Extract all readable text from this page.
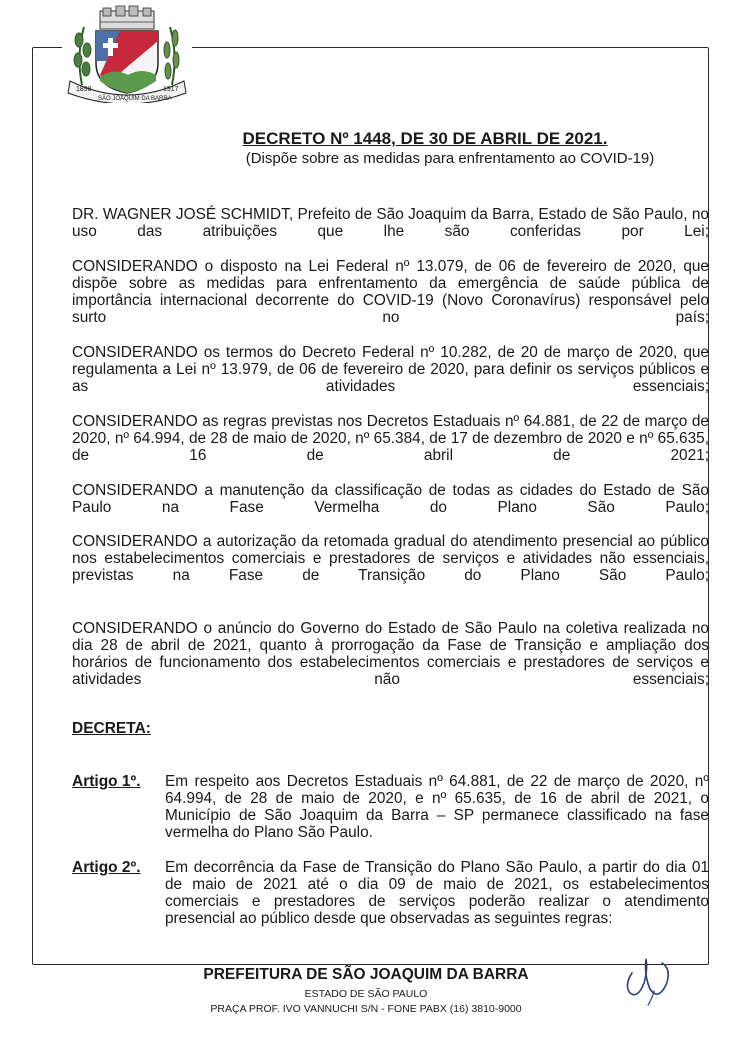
1898	1917
SÃO JOAQUIM DA BARRA
DECRETO Nº 1448, DE 30 DE ABRIL DE 2021.
(Dispõe sobre as medidas para enfrentamento ao COVID-19)

DR. WAGNER JOSÉ SCHMIDT, Prefeito de São Joaquim da Barra, Estado de São Paulo, no uso das atribuições que lhe são conferidas por Lei;

CONSIDERANDO o disposto na Lei Federal nº 13.079, de 06 de fevereiro de 2020, que dispõe sobre as medidas para enfrentamento da emergência de saúde pública de importância internacional decorrente do COVID-19 (Novo Coronavírus) responsável pelo surto no país;

CONSIDERANDO os termos do Decreto Federal nº 10.282, de 20 de março de 2020, que regulamenta a Lei nº 13.979, de 06 de fevereiro de 2020, para definir os serviços públicos e as atividades essenciais;

CONSIDERANDO as regras previstas nos Decretos Estaduais nº 64.881, de 22 de março de 2020, nº 64.994, de 28 de maio de 2020, nº 65.384, de 17 de dezembro de 2020 e nº 65.635, de 16 de abril de 2021;

CONSIDERANDO a manutenção da classificação de todas as cidades do Estado de São Paulo na Fase Vermelha do Plano São Paulo;

CONSIDERANDO a autorização da retomada gradual do atendimento presencial ao público nos estabelecimentos comerciais e prestadores de serviços e atividades não essenciais, previstas na Fase de Transição do Plano São Paulo;

CONSIDERANDO o anúncio do Governo do Estado de São Paulo na coletiva realizada no dia 28 de abril de 2021, quanto à prorrogação da Fase de Transição e ampliação dos horários de funcionamento dos estabelecimentos comerciais e prestadores de serviços e atividades não essenciais;

DECRETA:
Artigo 1º. Em respeito aos Decretos Estaduais nº 64.881, de 22 de março de 2020, nº 64.994, de 28 de maio de 2020, e nº 65.635, de 16 de abril de 2021, o Município de São Joaquim da Barra – SP permanece classificado na fase vermelha do Plano São Paulo.

Artigo 2º. Em decorrência da Fase de Transição do Plano São Paulo, a partir do dia 01 de maio de 2021 até o dia 09 de maio de 2021, os estabelecimentos comerciais e prestadores de serviços poderão realizar o atendimento presencial ao público desde que observadas as seguintes regras:

PREFEITURA DE SÃO JOAQUIM DA BARRA
ESTADO DE SÃO PAULO
PRAÇA PROF. IVO VANNUCHI S/N - FONE PABX (16) 3810-9000
